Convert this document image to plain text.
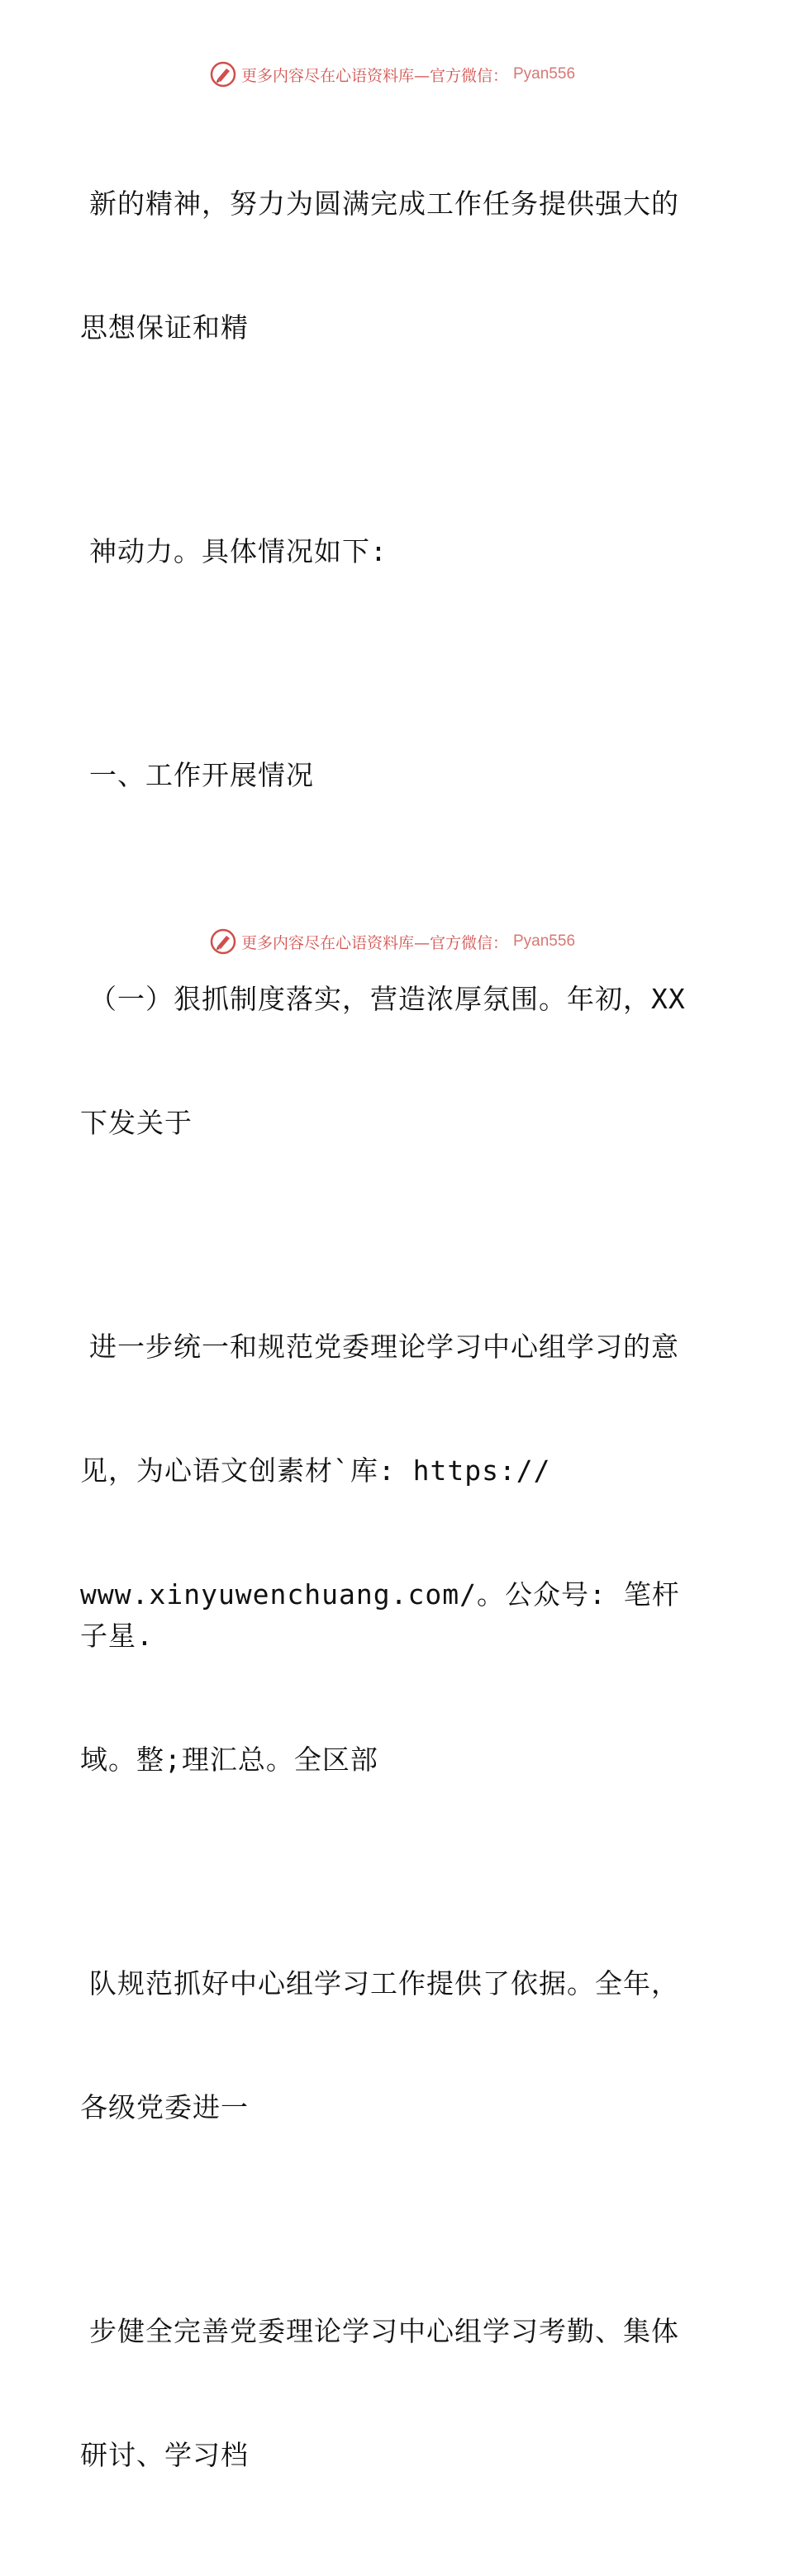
更多内容尽在心语资料库—官方微信： Pyan556

新的精神，努力为圆满完成工作任务提供强大的

思想保证和精

神动力。具体情况如下:

一、工作开展情况

（一）狠抓制度落实，营造浓厚氛围。年初，XX

下发关于

进一步统一和规范党委理论学习中心组学习的意

见，为心语文创素材`库: https://

www.xinyuwenchuang.com/。公众号: 笔杆子星.

域。整;理汇总。全区部

队规范抓好中心组学习工作提供了依据。全年，

各级党委进一

步健全完善党委理论学习中心组学习考勤、集体

研讨、学习档

更多内容尽在心语资料库—官方微信： Pyan556
